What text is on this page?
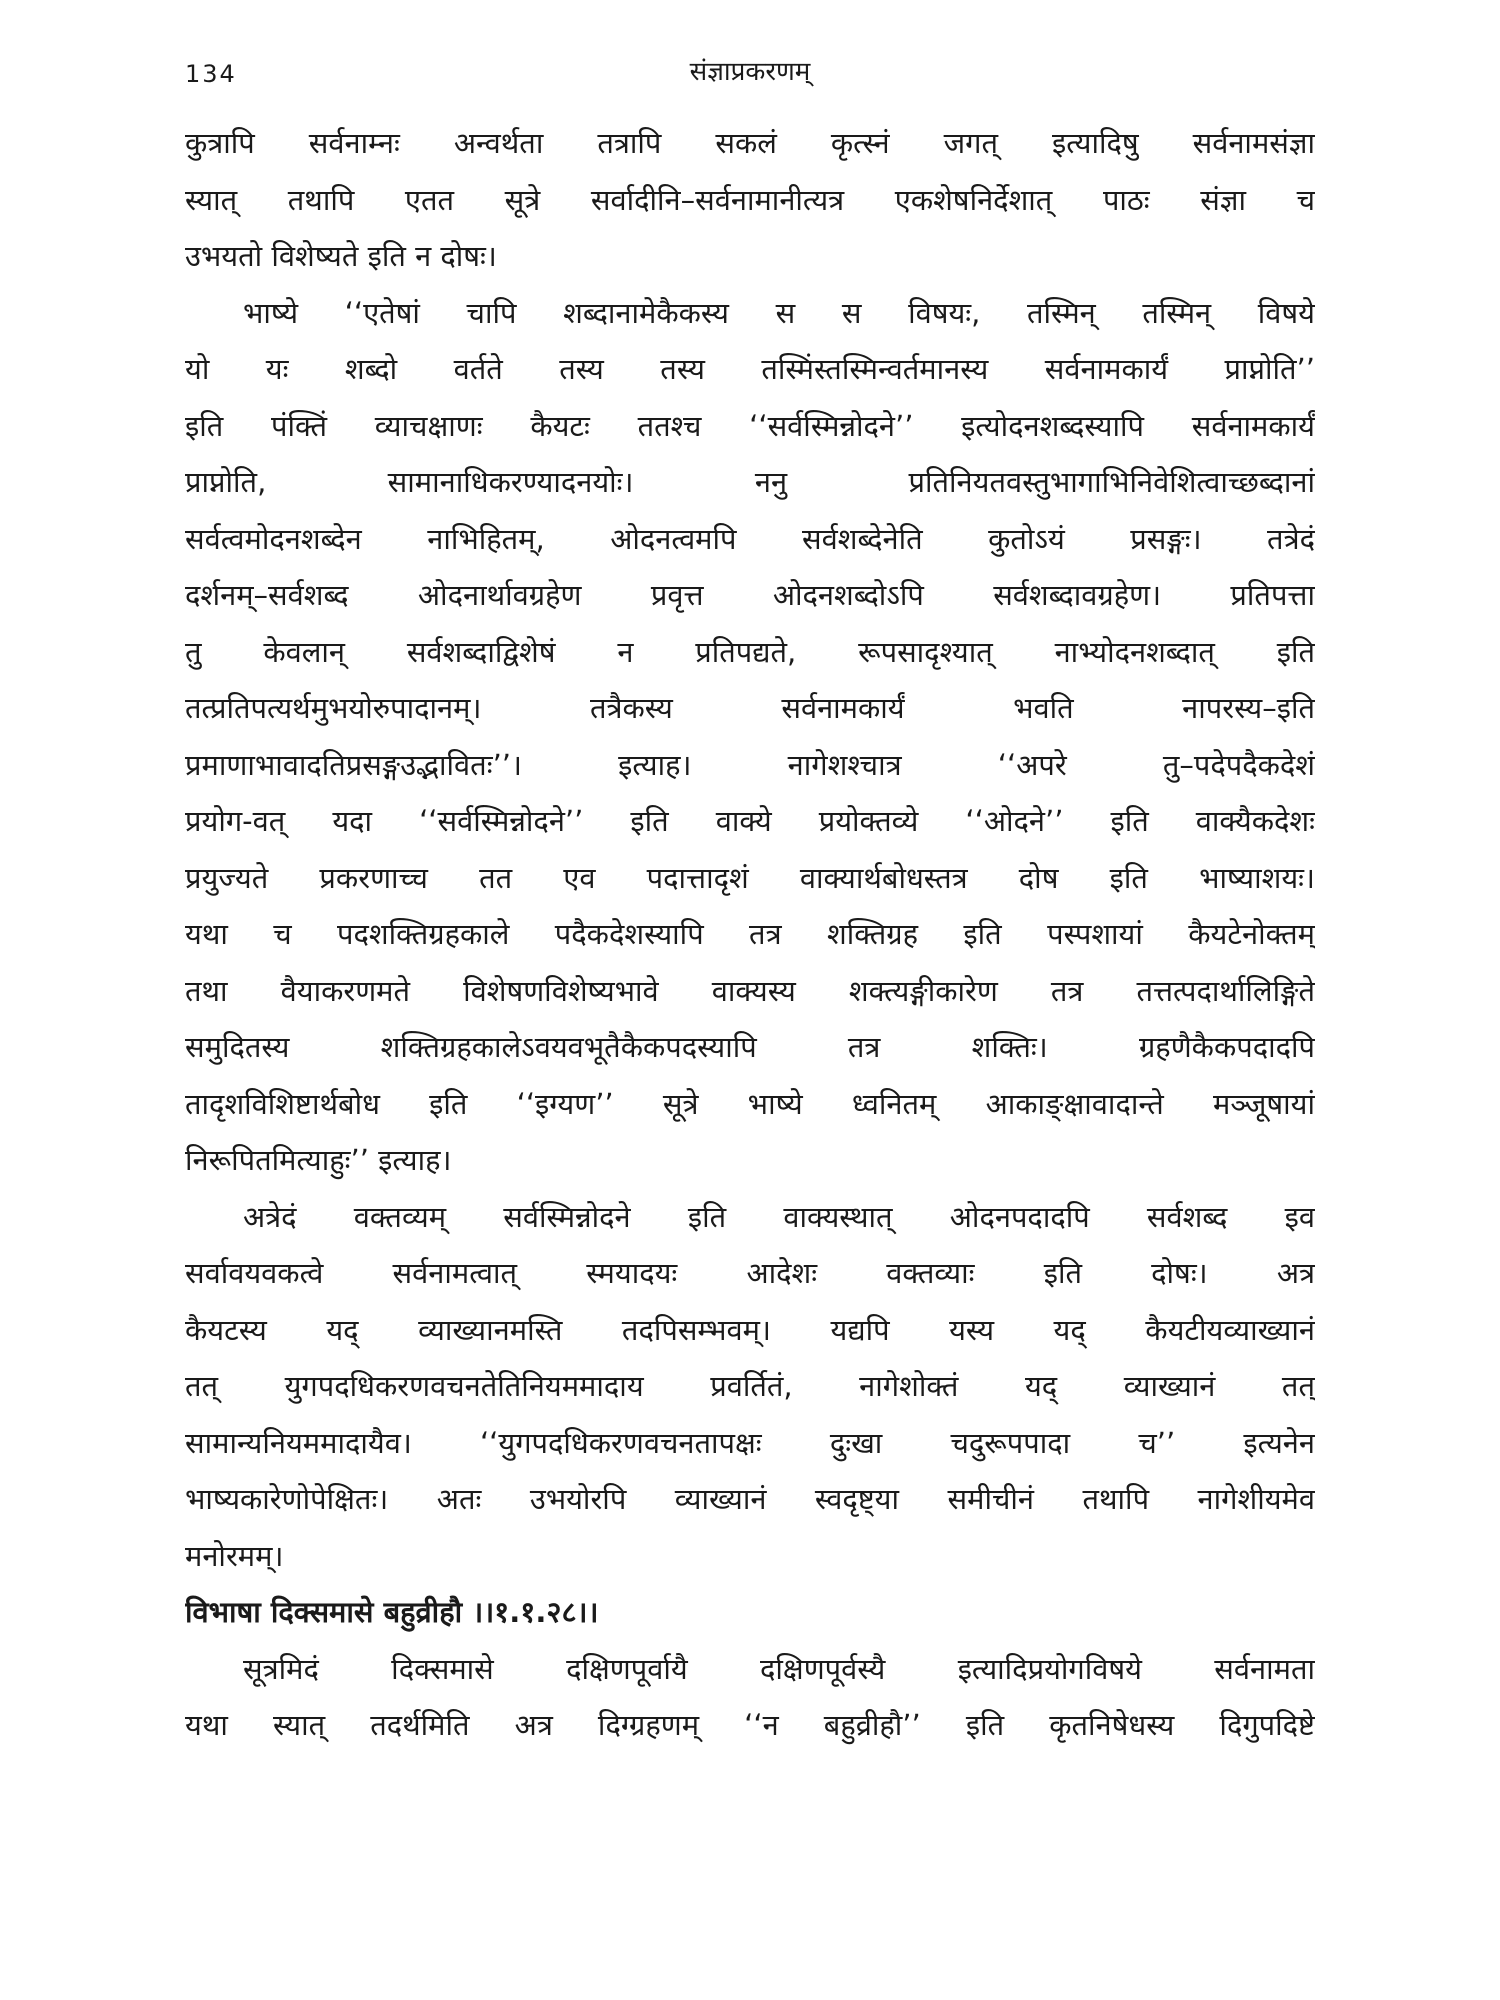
134	संज्ञाप्रकरणम्
कुत्रापि सर्वनाम्नः अन्वर्थता तत्रापि सकलं कृत्स्नं जगत् इत्यादिषु सर्वनामसंज्ञा
स्यात् तथापि एतत सूत्रे सर्वादीनि–सर्वनामानीत्यत्र एकशेषनिर्देशात् पाठः संज्ञा च
उभयतो विशेष्यते इति न दोषः।
भाष्ये ‘‘एतेषां चापि शब्दानामेकैकस्य स स विषयः, तस्मिन् तस्मिन् विषये
यो यः शब्दो वर्तते तस्य तस्य तस्मिंस्तस्मिन्वर्तमानस्य सर्वनामकार्यं प्राप्नोति’’
इति पंक्तिं व्याचक्षाणः कैयटः ततश्च ‘‘सर्वस्मिन्नोदने’’ इत्योदनशब्दस्यापि सर्वनामकार्यं
प्राप्नोति, सामानाधिकरण्यादनयोः। ननु प्रतिनियतवस्तुभागाभिनिवेशित्वाच्छब्दानां
सर्वत्वमोदनशब्देन नाभिहितम्, ओदनत्वमपि सर्वशब्देनेति कुतोऽयं प्रसङ्गः। तत्रेदं
दर्शनम्–सर्वशब्द ओदनार्थावग्रहेण प्रवृत्त ओदनशब्दोऽपि सर्वशब्दावग्रहेण। प्रतिपत्ता
तु केवलान् सर्वशब्दाद्विशेषं न प्रतिपद्यते, रूपसादृश्यात् नाभ्योदनशब्दात् इति
तत्प्रतिपत्यर्थमुभयोरुपादानम्। तत्रैकस्य सर्वनामकार्यं भवति नापरस्य–इति
प्रमाणाभावादतिप्रसङ्गउद्भावितः’’। इत्याह। नागेशश्चात्र ‘‘अपरे तु–पदेपदैकदेशं
प्रयोग-वत् यदा ‘‘सर्वस्मिन्नोदने’’ इति वाक्ये प्रयोक्तव्ये ‘‘ओदने’’ इति वाक्यैकदेशः
प्रयुज्यते प्रकरणाच्च तत एव पदात्तादृशं वाक्यार्थबोधस्तत्र दोष इति भाष्याशयः।
यथा च पदशक्तिग्रहकाले पदैकदेशस्यापि तत्र शक्तिग्रह इति पस्पशायां कैयटेनोक्तम्
तथा वैयाकरणमते विशेषणविशेष्यभावे वाक्यस्य शक्त्यङ्गीकारेण तत्र तत्तत्पदार्थालिङ्गिते
समुदितस्य शक्तिग्रहकालेऽवयवभूतैकैकपदस्यापि तत्र शक्तिः। ग्रहणैकैकपदादपि
तादृशविशिष्टार्थबोध इति ‘‘इग्यण’’ सूत्रे भाष्ये ध्वनितम् आकाङ्क्षावादान्ते मञ्जूषायां
निरूपितमित्याहुः’’ इत्याह।
अत्रेदं वक्तव्यम् सर्वस्मिन्नोदने इति वाक्यस्थात् ओदनपदादपि सर्वशब्द इव
सर्वावयवकत्वे सर्वनामत्वात् स्मयादयः आदेशः वक्तव्याः इति दोषः। अत्र
कैयटस्य यद् व्याख्यानमस्ति तदपिसम्भवम्। यद्यपि यस्य यद् कैयटीयव्याख्यानं
तत् युगपदधिकरणवचनतेतिनियममादाय प्रवर्तितं, नागेशोक्तं यद् व्याख्यानं तत्
सामान्यनियममादायैव। ‘‘युगपदधिकरणवचनतापक्षः दुःखा चदुरूपपादा च’’ इत्यनेन
भाष्यकारेणोपेक्षितः। अतः उभयोरपि व्याख्यानं स्वदृष्ट्या समीचीनं तथापि नागेशीयमेव
मनोरमम्।
विभाषा दिक्समासे बहुव्रीहौ ।।१.१.२८।।
सूत्रमिदं दिक्समासे दक्षिणपूर्वायै दक्षिणपूर्वस्यै इत्यादिप्रयोगविषये सर्वनामता
यथा स्यात् तदर्थमिति अत्र दिग्ग्रहणम् ‘‘न बहुव्रीहौ’’ इति कृतनिषेधस्य दिगुपदिष्टे
